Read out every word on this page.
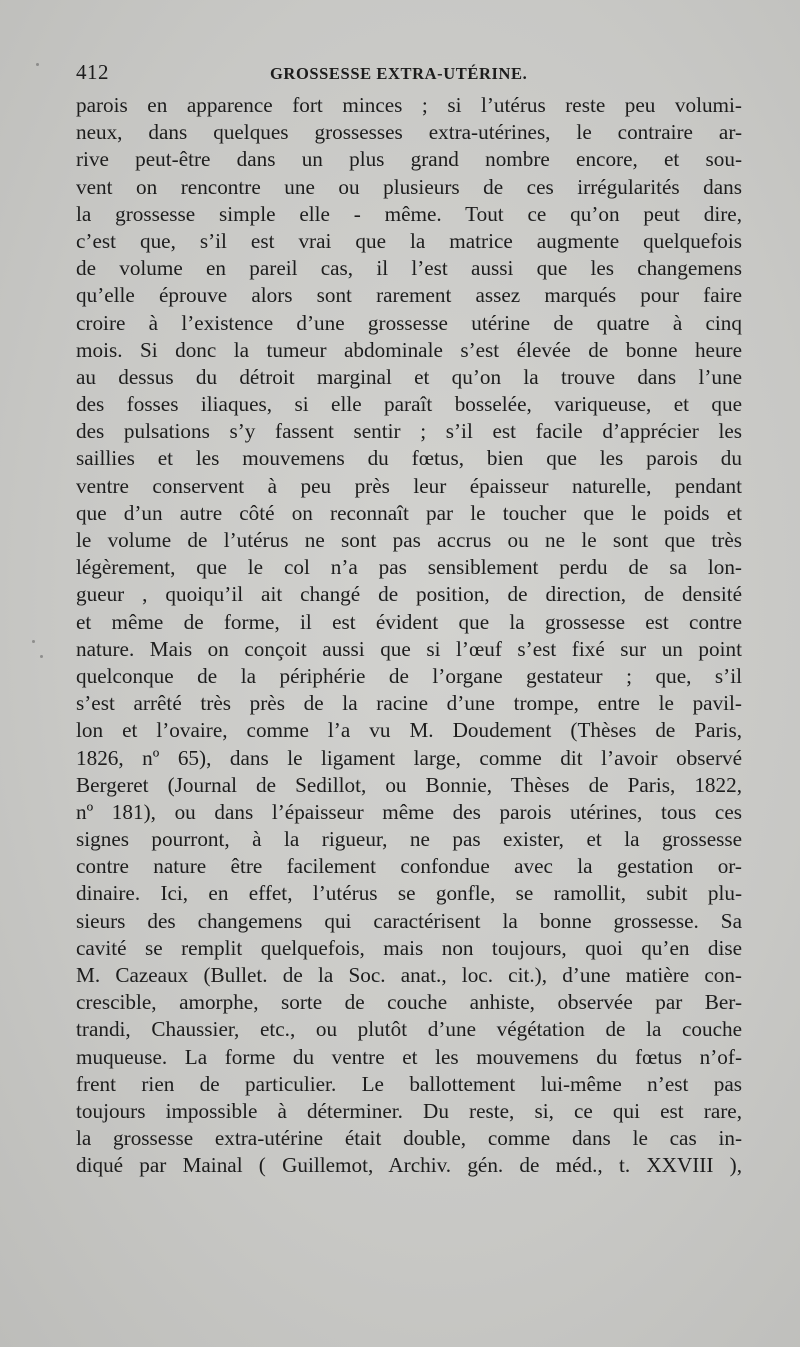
412	GROSSESSE EXTRA-UTÉRINE.
parois en apparence fort minces ; si l’utérus reste peu volumi-
neux, dans quelques grossesses extra-utérines, le contraire ar-
rive peut-être dans un plus grand nombre encore, et sou-
vent on rencontre une ou plusieurs de ces irrégularités dans
la grossesse simple elle - même. Tout ce qu’on peut dire,
c’est que, s’il est vrai que la matrice augmente quelquefois
de volume en pareil cas, il l’est aussi que les changemens
qu’elle éprouve alors sont rarement assez marqués pour faire
croire à l’existence d’une grossesse utérine de quatre à cinq
mois. Si donc la tumeur abdominale s’est élevée de bonne heure
au dessus du détroit marginal et qu’on la trouve dans l’une
des fosses iliaques, si elle paraît bosselée, variqueuse, et que
des pulsations s’y fassent sentir ; s’il est facile d’apprécier les
saillies et les mouvemens du fœtus, bien que les parois du
ventre conservent à peu près leur épaisseur naturelle, pendant
que d’un autre côté on reconnaît par le toucher que le poids et
le volume de l’utérus ne sont pas accrus ou ne le sont que très
légèrement, que le col n’a pas sensiblement perdu de sa lon-
gueur , quoiqu’il ait changé de position, de direction, de densité
et même de forme, il est évident que la grossesse est contre
nature. Mais on conçoit aussi que si l’œuf s’est fixé sur un point
quelconque de la périphérie de l’organe gestateur ; que, s’il
s’est arrêté très près de la racine d’une trompe, entre le pavil-
lon et l’ovaire, comme l’a vu M. Doudement (Thèses de Paris,
1826, nº 65), dans le ligament large, comme dit l’avoir observé
Bergeret (Journal de Sedillot, ou Bonnie, Thèses de Paris, 1822,
nº 181), ou dans l’épaisseur même des parois utérines, tous ces
signes pourront, à la rigueur, ne pas exister, et la grossesse
contre nature être facilement confondue avec la gestation or-
dinaire. Ici, en effet, l’utérus se gonfle, se ramollit, subit plu-
sieurs des changemens qui caractérisent la bonne grossesse. Sa
cavité se remplit quelquefois, mais non toujours, quoi qu’en dise
M. Cazeaux (Bullet. de la Soc. anat., loc. cit.), d’une matière con-
crescible, amorphe, sorte de couche anhiste, observée par Ber-
trandi, Chaussier, etc., ou plutôt d’une végétation de la couche
muqueuse. La forme du ventre et les mouvemens du fœtus n’of-
frent rien de particulier. Le ballottement lui-même n’est pas
toujours impossible à déterminer. Du reste, si, ce qui est rare,
la grossesse extra-utérine était double, comme dans le cas in-
diqué par Mainal ( Guillemot, Archiv. gén. de méd., t. XXVIII ),
